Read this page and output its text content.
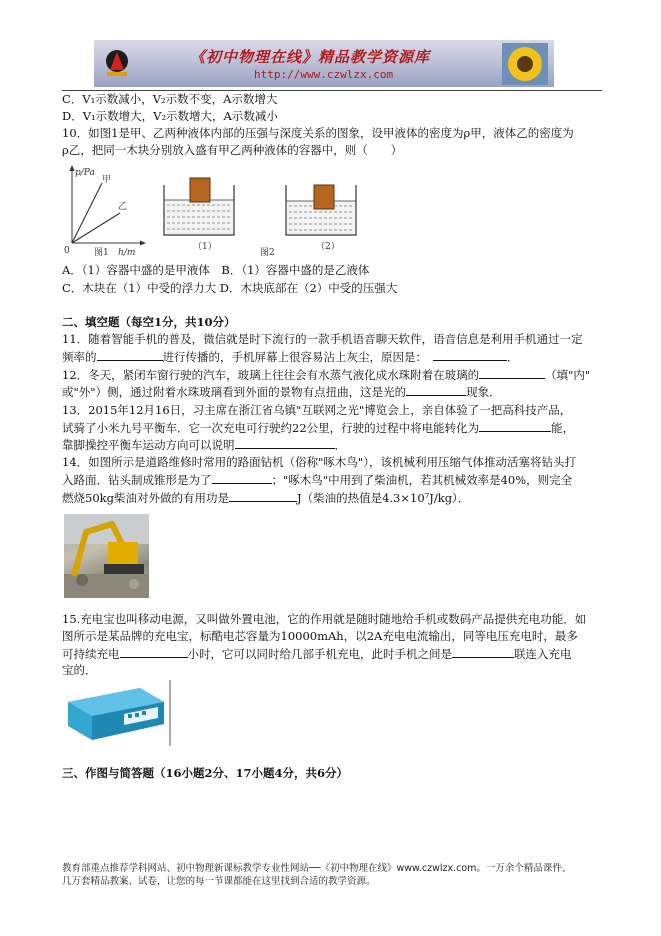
《初中物理在线》精品教学资源库
http://www.czwlzx.com
C．V₁示数减小，V₂示数不变，A示数增大
D．V₁示数增大，V₂示数增大，A示数减小
10．如图1是甲、乙两种液体内部的压强与深度关系的图象，设甲液体的密度为ρ甲，液体乙的密度为
ρ乙，把同一木块分别放入盛有甲乙两种液体的容器中，则（　　）
p/Pa
h/m
0
甲
乙
图1
（1）
图2
（2）
A．（1）容器中盛的是甲液体　B．（1）容器中盛的是乙液体
C．木块在（1）中受的浮力大 D．木块底部在（2）中受的压强大
二、填空题（每空1分，共10分）
11．随着智能手机的普及，微信就是时下流行的一款手机语音聊天软件，语音信息是利用手机通过一定
频率的	进行传播的，手机屏幕上很容易沾上灰尘，原因是：	．
12．冬天，紧闭车窗行驶的汽车，玻璃上往往会有水蒸气液化成水珠附着在玻璃的	（填"内"
或"外"）侧，通过附着水珠玻璃看到外面的景物有点扭曲，这是光的	现象．
13．2015年12月16日，习主席在浙江省乌镇"互联网之光"博览会上，亲自体验了一把高科技产品，
试骑了小米九号平衡车．它一次充电可行驶约22公里，行驶的过程中将电能转化为	能，
靠脚操控平衡车运动方向可以说明	．
14．如图所示是道路维修时常用的路面钻机（俗称"啄木鸟"），该机械利用压缩气体推动活塞将钻头打
入路面．钻头制成锥形是为了	；"啄木鸟"中用到了柴油机，若其机械效率是40%，则完全
燃烧50kg柴油对外做的有用功是	J（柴油的热值是4.3×10⁷J/kg）．
15.充电宝也叫移动电源，又叫做外置电池，它的作用就是随时随地给手机或数码产品提供充电功能．如
图所示是某品牌的充电宝，标酷电芯容量为10000mAh，以2A充电电流输出，同等电压充电时，最多
可持续充电	小时，它可以同时给几部手机充电，此时手机之间是	联连入充电
宝的．
三、作图与简答题（16小题2分、17小题4分，共6分）
教育部重点推荐学科网站、初中物理新课标教学专业性网站──《初中物理在线》www.czwlzx.com。一万余个精品课件、
几万套精品教案、试卷，让您的每一节课都能在这里找到合适的教学资源。
